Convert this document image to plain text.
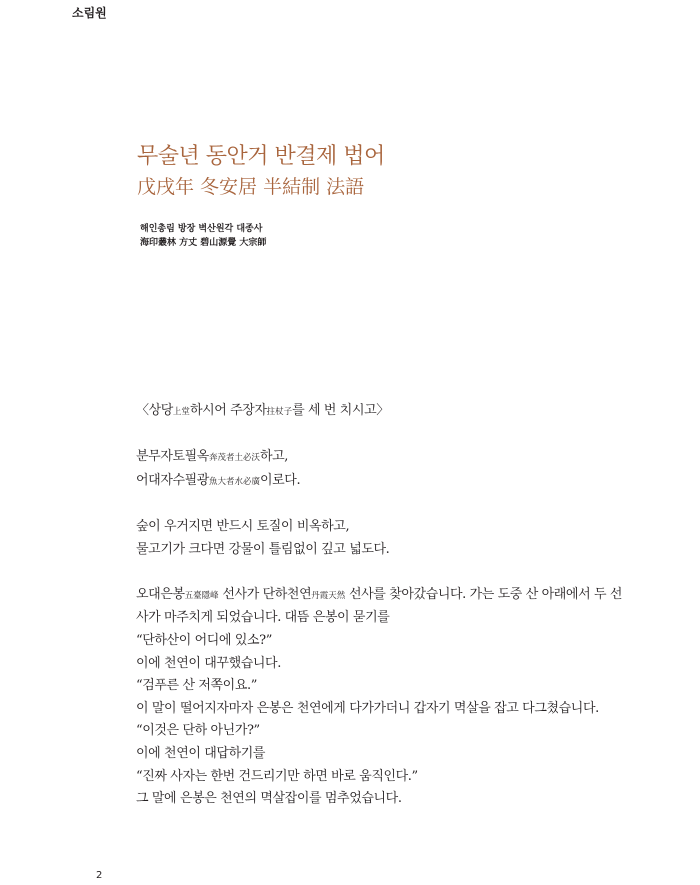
소림원
무술년 동안거 반결제 법어
戊戌年 冬安居 半結制 法語
해인총림 방장 벽산원각 대종사
海印叢林 方丈 碧山源覺 大宗師
〈상당上堂하시어 주장자拄杖子를 세 번 치시고〉
분무자토필옥奔茂者土必沃하고,
어대자수필광魚大者水必廣이로다.
숲이 우거지면 반드시 토질이 비옥하고,
물고기가 크다면 강물이 틀림없이 깊고 넓도다.
오대은봉五臺隱峰 선사가 단하천연丹霞天然 선사를 찾아갔습니다. 가는 도중 산 아래에서 두 선
사가 마주치게 되었습니다. 대뜸 은봉이 묻기를
“단하산이 어디에 있소?”
이에 천연이 대꾸했습니다.
“검푸른 산 저쪽이요.”
이 말이 떨어지자마자 은봉은 천연에게 다가가더니 갑자기 멱살을 잡고 다그쳤습니다.
“이것은 단하 아닌가?”
이에 천연이 대답하기를
“진짜 사자는 한번 건드리기만 하면 바로 움직인다.”
그 말에 은봉은 천연의 멱살잡이를 멈추었습니다.
2
